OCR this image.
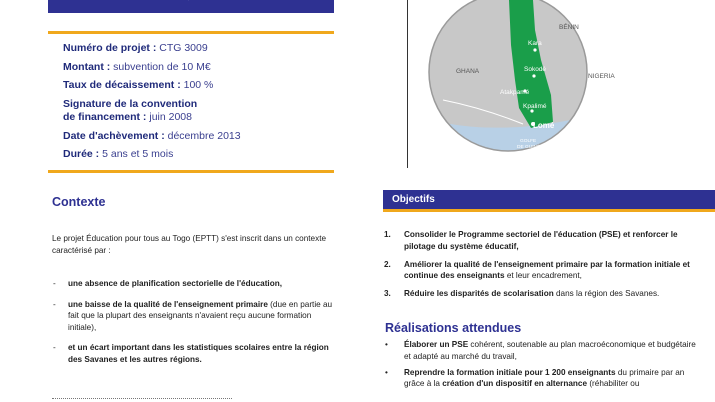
′
Numéro de projet : CTG 3009
Montant : subvention de 10 M€
Taux de décaissement : 100 %
Signature de la convention
de financement : juin 2008
Date d'achèvement : décembre 2013
Durée : 5 ans et 5 mois
Contexte
Le projet Éducation pour tous au Togo (EPTT) s'est inscrit dans un contexte caractérisé par :
- une absence de planification sectorielle de l'éducation,
- une baisse de la qualité de l'enseignement primaire (due en partie au fait que la plupart des enseignants n'avaient reçu aucune formation initiale),
- et un écart important dans les statistiques scolaires entre la région des Savanes et les autres régions.
Kara
Sokodé
Atakpamé
Kpalimé
Lomé
BÉNIN
GHANA
NIGERIA
GOLFE
DE GUINÉE
Objectifs
1. Consolider le Programme sectoriel de l'éducation (PSE) et renforcer le pilotage du système éducatif,
2. Améliorer la qualité de l'enseignement primaire par la formation initiale et continue des enseignants et leur encadrement,
3. Réduire les disparités de scolarisation dans la région des Savanes.
Réalisations attendues
• Élaborer un PSE cohérent, soutenable au plan macroéconomique et budgétaire et adapté au marché du travail,
• Reprendre la formation initiale pour 1 200 enseignants du primaire par an grâce à la création d'un dispositif en alternance (réhabiliter ou
